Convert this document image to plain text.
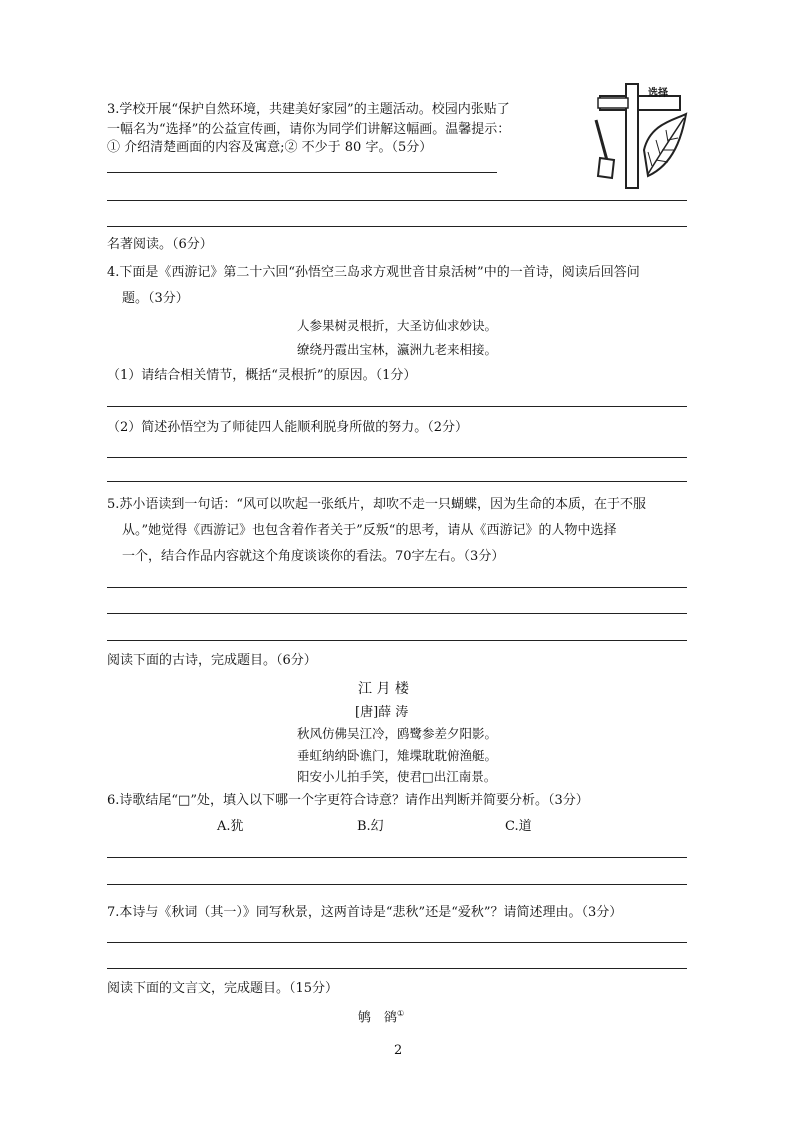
3.学校开展“保护自然环境，共建美好家园”的主题活动。校园内张贴了
一幅名为“选择”的公益宣传画，请你为同学们讲解这幅画。温馨提示：
① 介绍清楚画面的内容及寓意;② 不少于 80 字。（5分）
选择
名著阅读。（6分）
4.下面是《西游记》第二十六回“孙悟空三岛求方观世音甘泉活树”中的一首诗，阅读后回答问
题。（3分）
人参果树灵根折，大圣访仙求妙诀。
缭绕丹霞出宝林，瀛洲九老来相接。
（1）请结合相关情节，概括“灵根折”的原因。（1分）
（2）简述孙悟空为了师徒四人能顺利脱身所做的努力。（2分）
5.苏小语读到一句话：“风可以吹起一张纸片，却吹不走一只蝴蝶，因为生命的本质，在于不服
从。”她觉得《西游记》也包含着作者关于”反叛“的思考，请从《西游记》的人物中选择
一个，结合作品内容就这个角度谈谈你的看法。70字左右。（3分）
阅读下面的古诗，完成题目。（6分）
江 月 楼
[唐]薛 涛
秋风仿佛吴江冷，鸥鹭参差夕阳影。
垂虹纳纳卧谯门，雉堞耽耽俯渔艇。
阳安小儿拍手笑，使君□出江南景。
6.诗歌结尾“□”处，填入以下哪一个字更符合诗意？请作出判断并简要分析。（3分）
A.犹	B.幻	C.道
7.本诗与《秋词（其一）》同写秋景，这两首诗是“悲秋”还是“爱秋”？请简述理由。（3分）
阅读下面的文言文，完成题目。（15分）
鸲　鹆①
2
